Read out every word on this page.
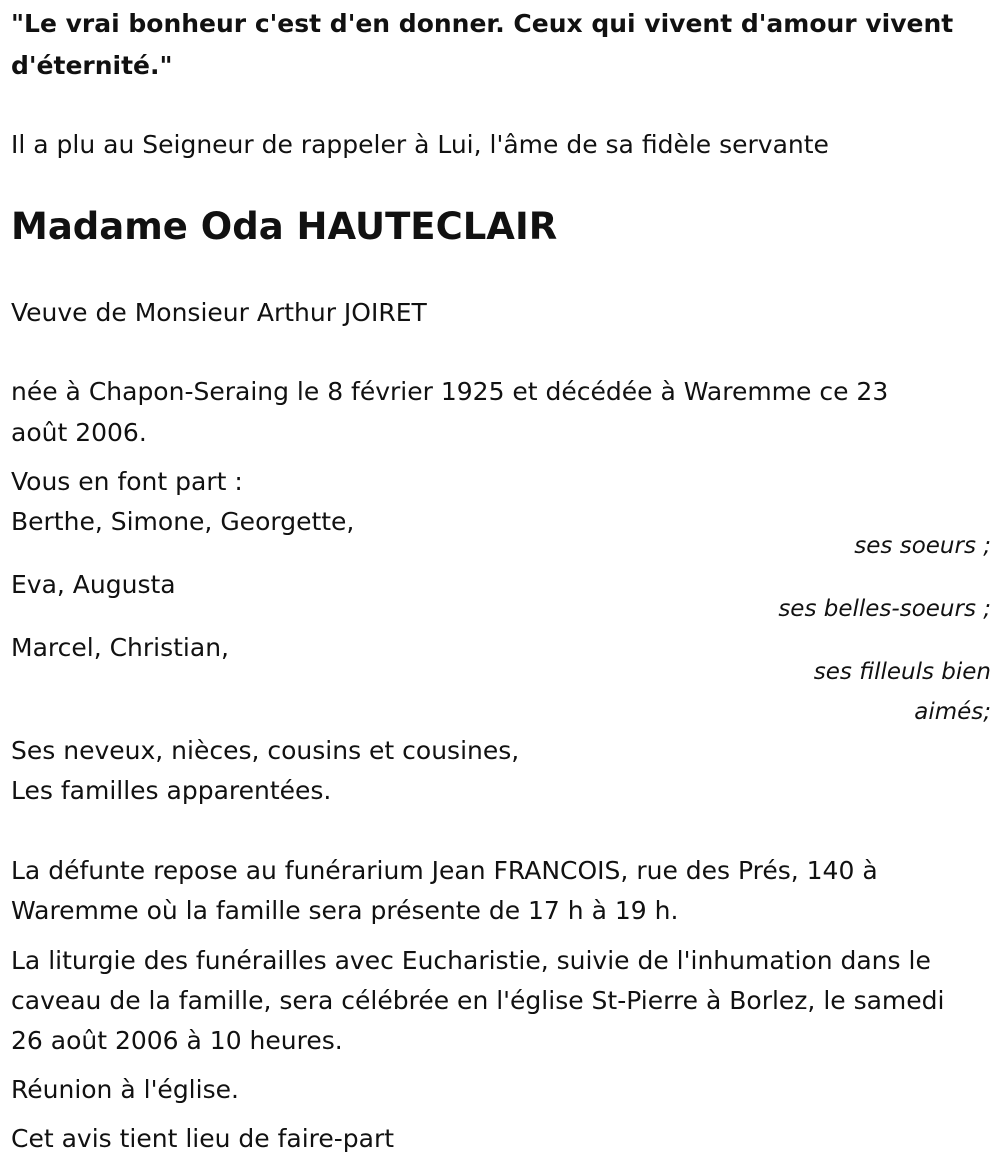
"Le vrai bonheur c'est d'en donner. Ceux qui vivent d'amour vivent
d'éternité."
Il a plu au Seigneur de rappeler à Lui, l'âme de sa fidèle servante
Madame Oda HAUTECLAIR
Veuve de Monsieur Arthur JOIRET
née à Chapon-Seraing le 8 février 1925 et décédée à Waremme ce 23
août 2006.
Vous en font part :
Berthe, Simone, Georgette,
ses soeurs ;
Eva, Augusta
ses belles-soeurs ;
Marcel, Christian,
ses filleuls bien
aimés;
Ses neveux, nièces, cousins et cousines,
Les familles apparentées.
La défunte repose au funérarium Jean FRANCOIS, rue des Prés, 140 à
Waremme où la famille sera présente de 17 h à 19 h.
La liturgie des funérailles avec Eucharistie, suivie de l'inhumation dans le
caveau de la famille, sera célébrée en l'église St-Pierre à Borlez, le samedi
26 août 2006 à 10 heures.
Réunion à l'église.
Cet avis tient lieu de faire-part
